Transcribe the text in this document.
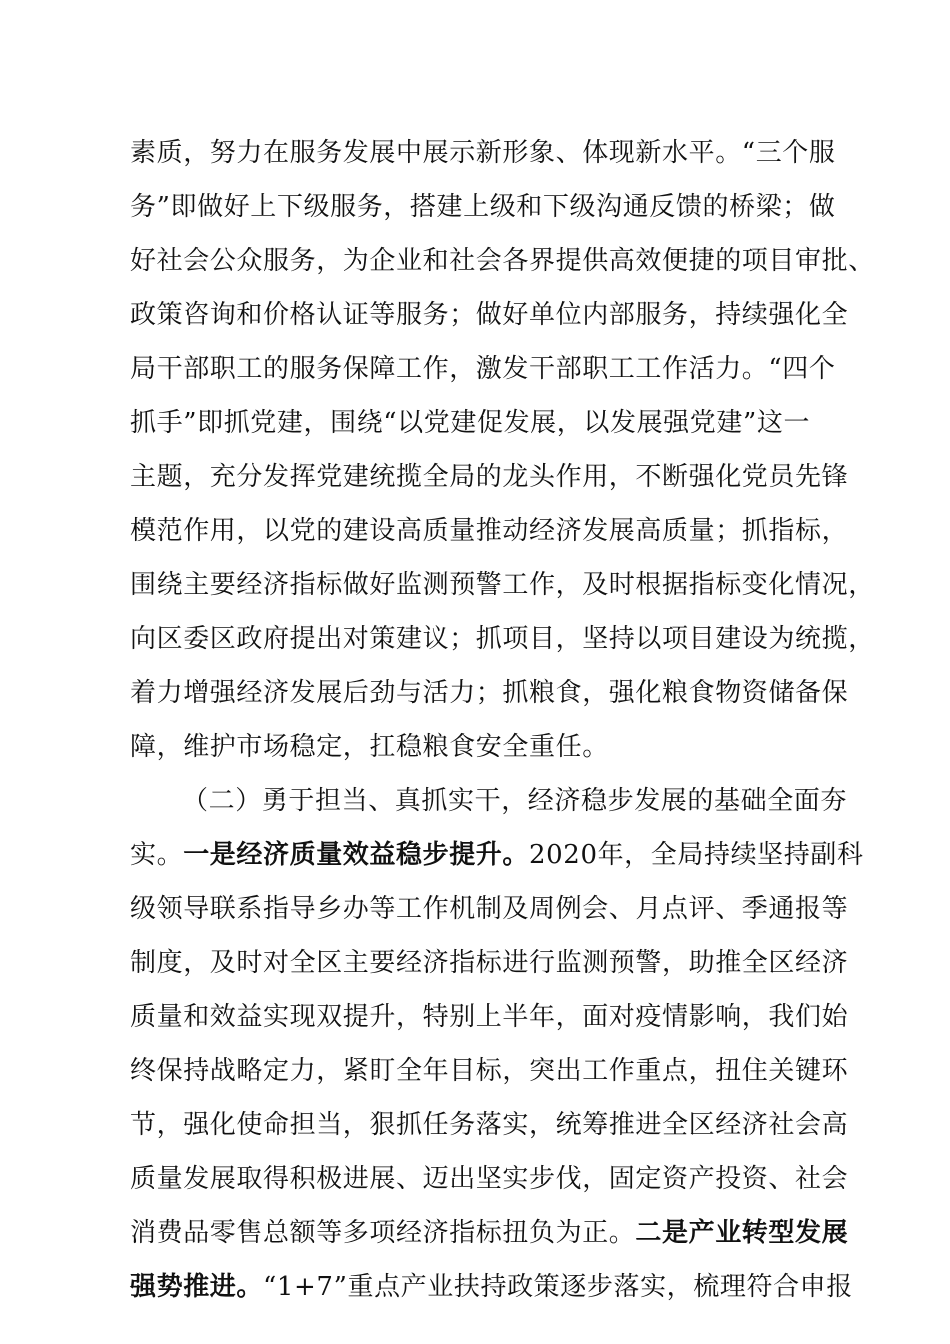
素质，努力在服务发展中展示新形象、体现新水平。“三个服
务”即做好上下级服务，搭建上级和下级沟通反馈的桥梁；做
好社会公众服务，为企业和社会各界提供高效便捷的项目审批、
政策咨询和价格认证等服务；做好单位内部服务，持续强化全
局干部职工的服务保障工作，激发干部职工工作活力。“四个
抓手”即抓党建，围绕“以党建促发展，以发展强党建”这一
主题，充分发挥党建统揽全局的龙头作用，不断强化党员先锋
模范作用，以党的建设高质量推动经济发展高质量；抓指标，
围绕主要经济指标做好监测预警工作，及时根据指标变化情况，
向区委区政府提出对策建议；抓项目，坚持以项目建设为统揽，
着力增强经济发展后劲与活力；抓粮食，强化粮食物资储备保
障，维护市场稳定，扛稳粮食安全重任。
（二）勇于担当、真抓实干，经济稳步发展的基础全面夯
实。一是经济质量效益稳步提升。2020年，全局持续坚持副科
级领导联系指导乡办等工作机制及周例会、月点评、季通报等
制度，及时对全区主要经济指标进行监测预警，助推全区经济
质量和效益实现双提升，特别上半年，面对疫情影响，我们始
终保持战略定力，紧盯全年目标，突出工作重点，扭住关键环
节，强化使命担当，狠抓任务落实，统筹推进全区经济社会高
质量发展取得积极进展、迈出坚实步伐，固定资产投资、社会
消费品零售总额等多项经济指标扭负为正。二是产业转型发展
强势推进。“1+7”重点产业扶持政策逐步落实，梳理符合申报
